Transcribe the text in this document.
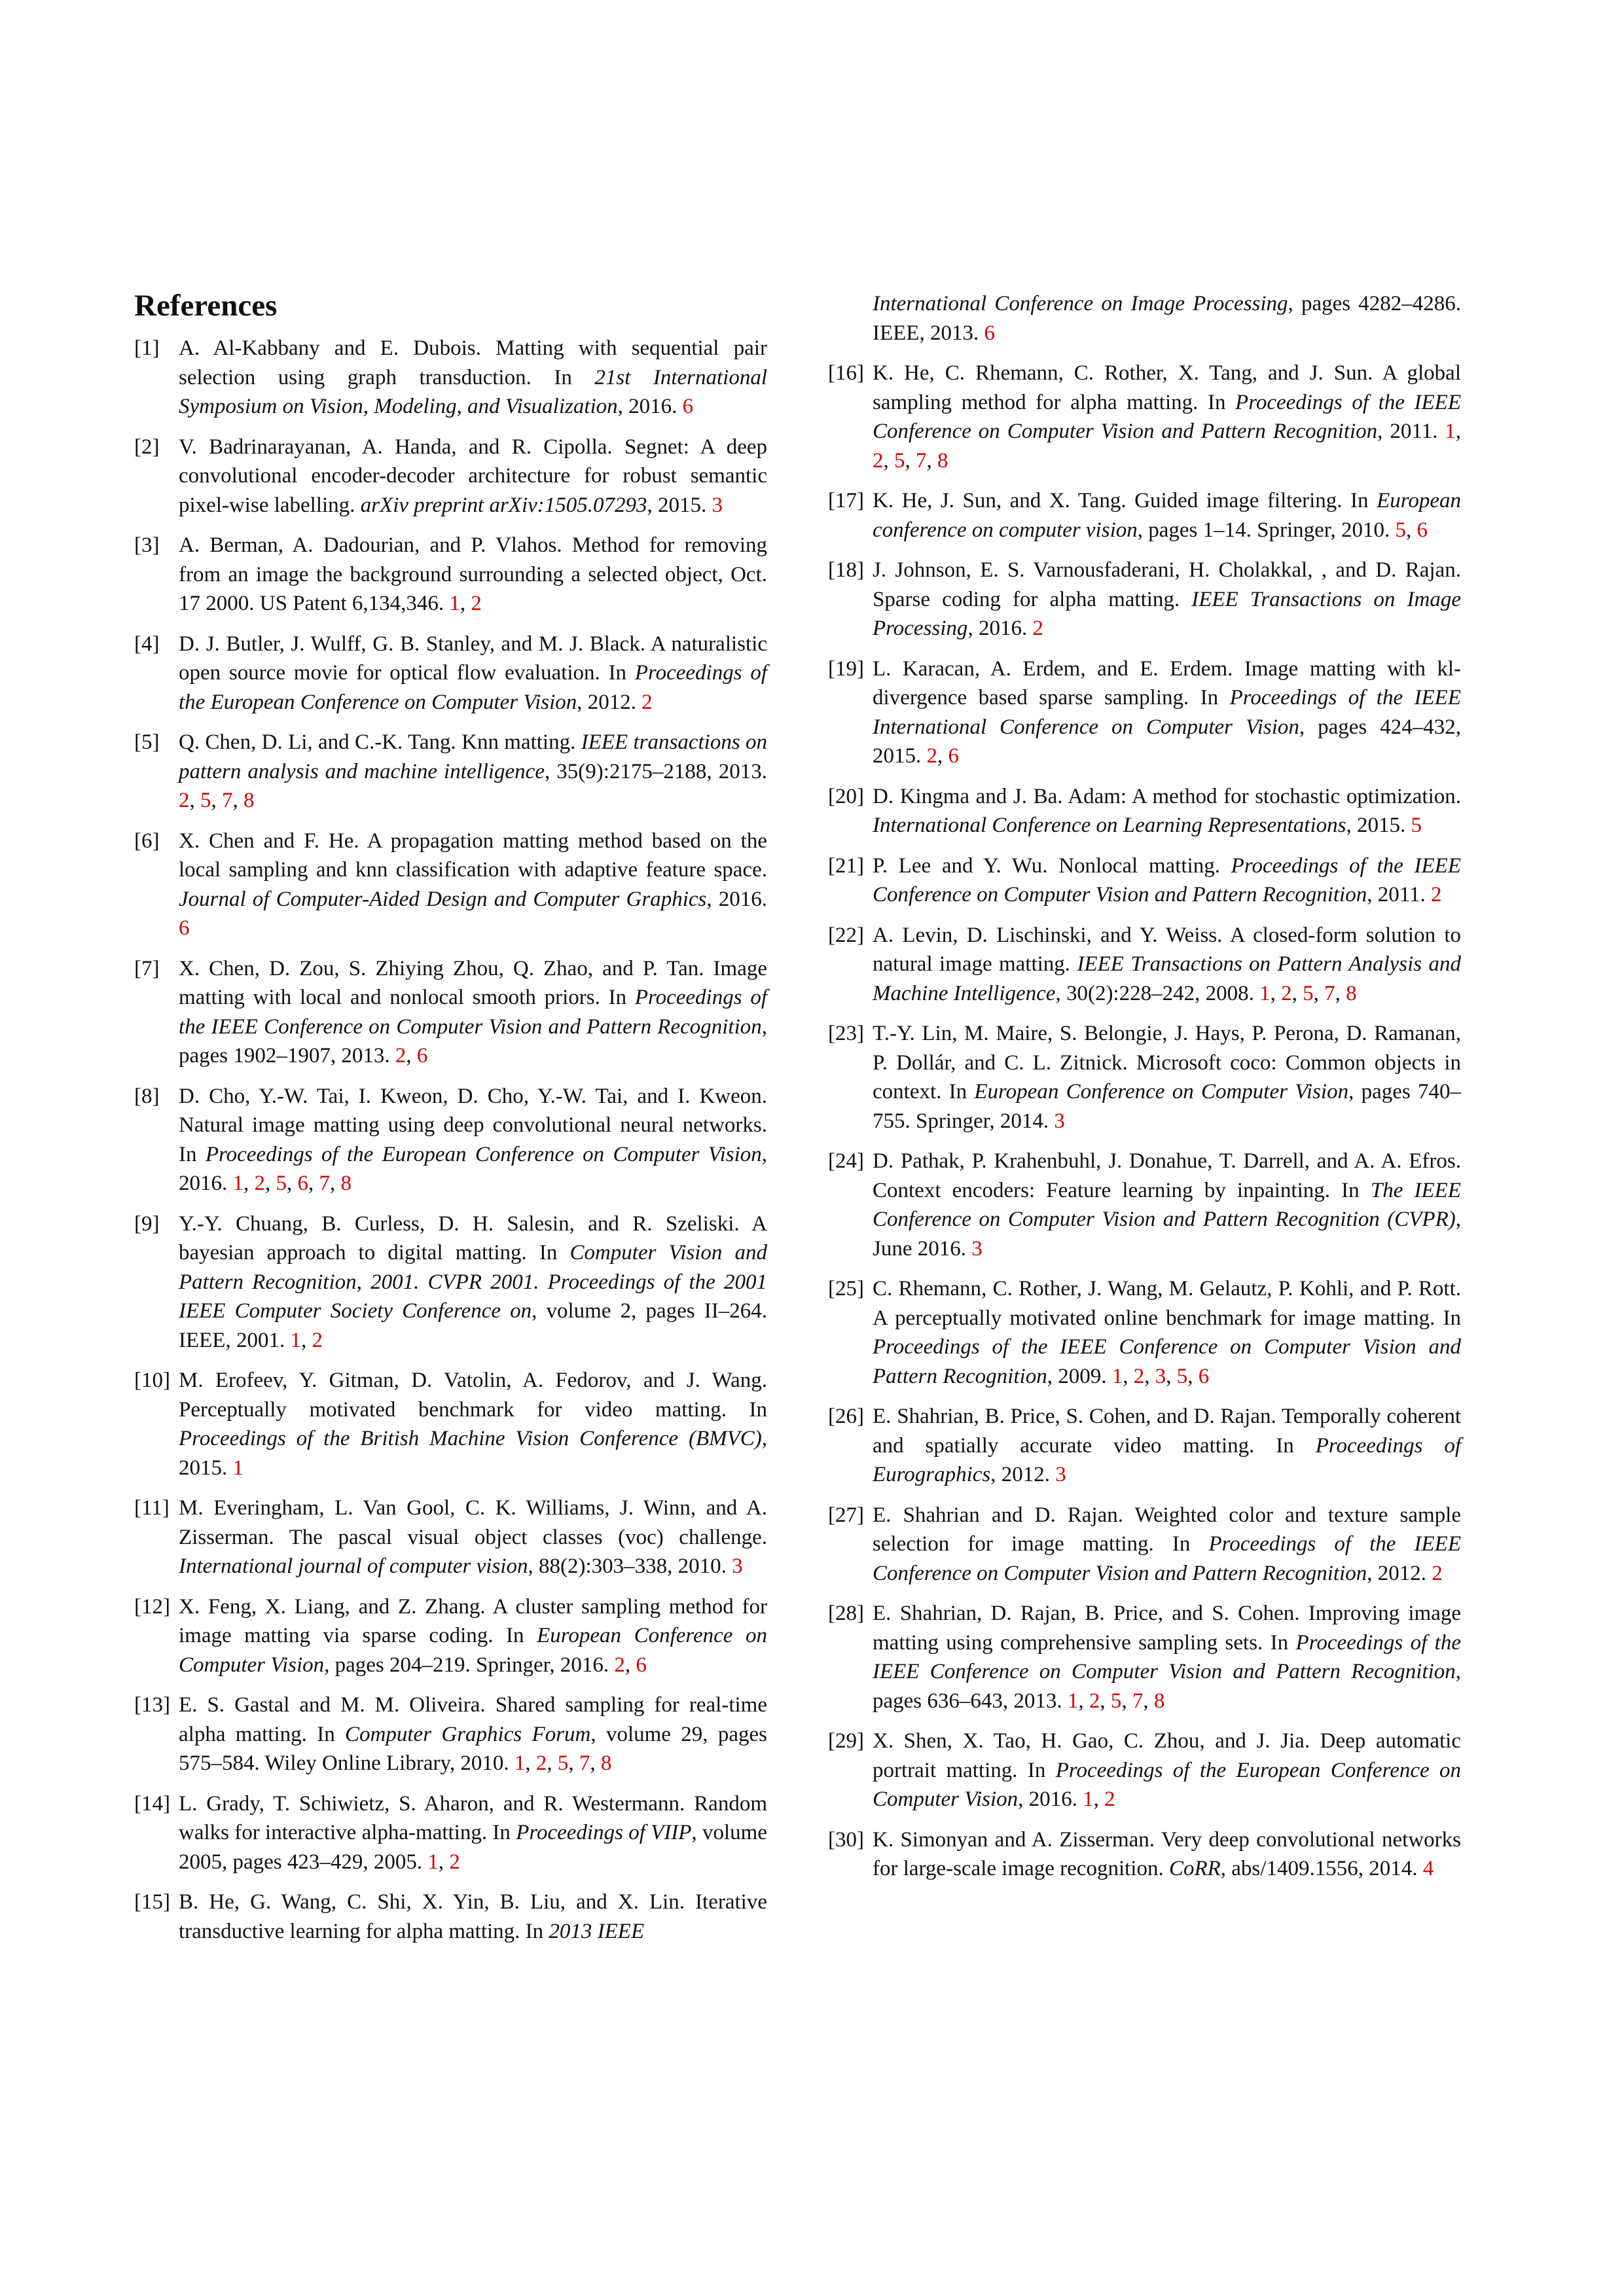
References
[1] A. Al-Kabbany and E. Dubois. Matting with sequential pair selection using graph transduction. In 21st International Symposium on Vision, Modeling, and Visualization, 2016. 6
[2] V. Badrinarayanan, A. Handa, and R. Cipolla. Segnet: A deep convolutional encoder-decoder architecture for robust semantic pixel-wise labelling. arXiv preprint arXiv:1505.07293, 2015. 3
[3] A. Berman, A. Dadourian, and P. Vlahos. Method for removing from an image the background surrounding a selected object, Oct. 17 2000. US Patent 6,134,346. 1, 2
[4] D. J. Butler, J. Wulff, G. B. Stanley, and M. J. Black. A naturalistic open source movie for optical flow evaluation. In Proceedings of the European Conference on Computer Vision, 2012. 2
[5] Q. Chen, D. Li, and C.-K. Tang. Knn matting. IEEE transactions on pattern analysis and machine intelligence, 35(9):2175–2188, 2013. 2, 5, 7, 8
[6] X. Chen and F. He. A propagation matting method based on the local sampling and knn classification with adaptive feature space. Journal of Computer-Aided Design and Computer Graphics, 2016. 6
[7] X. Chen, D. Zou, S. Zhiying Zhou, Q. Zhao, and P. Tan. Image matting with local and nonlocal smooth priors. In Proceedings of the IEEE Conference on Computer Vision and Pattern Recognition, pages 1902–1907, 2013. 2, 6
[8] D. Cho, Y.-W. Tai, I. Kweon, D. Cho, Y.-W. Tai, and I. Kweon. Natural image matting using deep convolutional neural networks. In Proceedings of the European Conference on Computer Vision, 2016. 1, 2, 5, 6, 7, 8
[9] Y.-Y. Chuang, B. Curless, D. H. Salesin, and R. Szeliski. A bayesian approach to digital matting. In Computer Vision and Pattern Recognition, 2001. CVPR 2001. Proceedings of the 2001 IEEE Computer Society Conference on, volume 2, pages II–264. IEEE, 2001. 1, 2
[10] M. Erofeev, Y. Gitman, D. Vatolin, A. Fedorov, and J. Wang. Perceptually motivated benchmark for video matting. In Proceedings of the British Machine Vision Conference (BMVC), 2015. 1
[11] M. Everingham, L. Van Gool, C. K. Williams, J. Winn, and A. Zisserman. The pascal visual object classes (voc) challenge. International journal of computer vision, 88(2):303–338, 2010. 3
[12] X. Feng, X. Liang, and Z. Zhang. A cluster sampling method for image matting via sparse coding. In European Conference on Computer Vision, pages 204–219. Springer, 2016. 2, 6
[13] E. S. Gastal and M. M. Oliveira. Shared sampling for real-time alpha matting. In Computer Graphics Forum, volume 29, pages 575–584. Wiley Online Library, 2010. 1, 2, 5, 7, 8
[14] L. Grady, T. Schiwietz, S. Aharon, and R. Westermann. Random walks for interactive alpha-matting. In Proceedings of VIIP, volume 2005, pages 423–429, 2005. 1, 2
[15] B. He, G. Wang, C. Shi, X. Yin, B. Liu, and X. Lin. Iterative transductive learning for alpha matting. In 2013 IEEE
International Conference on Image Processing, pages 4282–4286. IEEE, 2013. 6
[16] K. He, C. Rhemann, C. Rother, X. Tang, and J. Sun. A global sampling method for alpha matting. In Proceedings of the IEEE Conference on Computer Vision and Pattern Recognition, 2011. 1, 2, 5, 7, 8
[17] K. He, J. Sun, and X. Tang. Guided image filtering. In European conference on computer vision, pages 1–14. Springer, 2010. 5, 6
[18] J. Johnson, E. S. Varnousfaderani, H. Cholakkal, , and D. Rajan. Sparse coding for alpha matting. IEEE Transactions on Image Processing, 2016. 2
[19] L. Karacan, A. Erdem, and E. Erdem. Image matting with kl-divergence based sparse sampling. In Proceedings of the IEEE International Conference on Computer Vision, pages 424–432, 2015. 2, 6
[20] D. Kingma and J. Ba. Adam: A method for stochastic optimization. International Conference on Learning Representations, 2015. 5
[21] P. Lee and Y. Wu. Nonlocal matting. Proceedings of the IEEE Conference on Computer Vision and Pattern Recognition, 2011. 2
[22] A. Levin, D. Lischinski, and Y. Weiss. A closed-form solution to natural image matting. IEEE Transactions on Pattern Analysis and Machine Intelligence, 30(2):228–242, 2008. 1, 2, 5, 7, 8
[23] T.-Y. Lin, M. Maire, S. Belongie, J. Hays, P. Perona, D. Ramanan, P. Dollár, and C. L. Zitnick. Microsoft coco: Common objects in context. In European Conference on Computer Vision, pages 740–755. Springer, 2014. 3
[24] D. Pathak, P. Krahenbuhl, J. Donahue, T. Darrell, and A. A. Efros. Context encoders: Feature learning by inpainting. In The IEEE Conference on Computer Vision and Pattern Recognition (CVPR), June 2016. 3
[25] C. Rhemann, C. Rother, J. Wang, M. Gelautz, P. Kohli, and P. Rott. A perceptually motivated online benchmark for image matting. In Proceedings of the IEEE Conference on Computer Vision and Pattern Recognition, 2009. 1, 2, 3, 5, 6
[26] E. Shahrian, B. Price, S. Cohen, and D. Rajan. Temporally coherent and spatially accurate video matting. In Proceedings of Eurographics, 2012. 3
[27] E. Shahrian and D. Rajan. Weighted color and texture sample selection for image matting. In Proceedings of the IEEE Conference on Computer Vision and Pattern Recognition, 2012. 2
[28] E. Shahrian, D. Rajan, B. Price, and S. Cohen. Improving image matting using comprehensive sampling sets. In Proceedings of the IEEE Conference on Computer Vision and Pattern Recognition, pages 636–643, 2013. 1, 2, 5, 7, 8
[29] X. Shen, X. Tao, H. Gao, C. Zhou, and J. Jia. Deep automatic portrait matting. In Proceedings of the European Conference on Computer Vision, 2016. 1, 2
[30] K. Simonyan and A. Zisserman. Very deep convolutional networks for large-scale image recognition. CoRR, abs/1409.1556, 2014. 4
